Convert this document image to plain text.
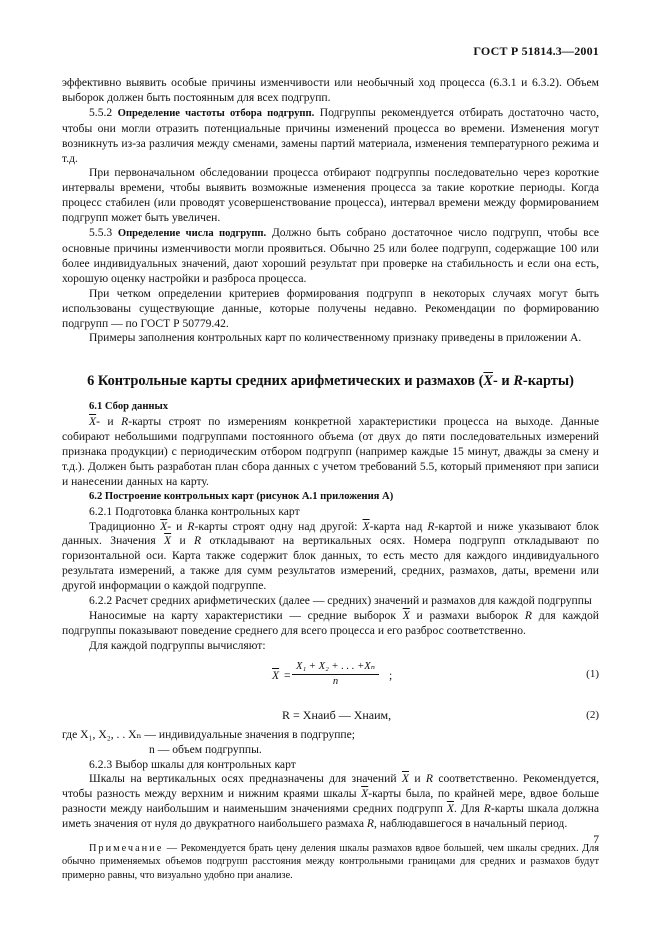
ГОСТ Р 51814.3—2001

эффективно выявить особые причины изменчивости или необычный ход процесса (6.3.1 и 6.3.2). Объем выборок должен быть постоянным для всех подгрупп.

5.5.2 Определение частоты отбора подгрупп. Подгруппы рекомендуется отбирать достаточно часто, чтобы они могли отразить потенциальные причины изменений процесса во времени. Изменения могут возникнуть из-за различия между сменами, замены партий материала, изменения температурного режима и т.д.

При первоначальном обследовании процесса отбирают подгруппы последовательно через короткие интервалы времени, чтобы выявить возможные изменения процесса за такие короткие периоды. Когда процесс стабилен (или проводят усовершенствование процесса), интервал времени между формированием подгрупп может быть увеличен.

5.5.3 Определение числа подгрупп. Должно быть собрано достаточное число подгрупп, чтобы все основные причины изменчивости могли проявиться. Обычно 25 или более подгрупп, содержащие 100 или более индивидуальных значений, дают хороший результат при проверке на стабильность и если она есть, хорошую оценку настройки и разброса процесса.

При четком определении критериев формирования подгрупп в некоторых случаях могут быть использованы существующие данные, которые получены недавно. Рекомендации по формированию подгрупп — по ГОСТ Р 50779.42.

Примеры заполнения контрольных карт по количественному признаку приведены в приложении А.

6 Контрольные карты средних арифметических и размахов ($\overline{X}-$ и R-карты)

6.1 Сбор данных

$\overline{X}-$ и R-карты строят по измерениям конкретной характеристики процесса на выходе. Данные собирают небольшими подгруппами постоянного объема (от двух до пяти последовательных измерений признака продукции) с периодическим отбором подгрупп (например каждые 15 минут, дважды за смену и т.д.). Должен быть разработан план сбора данных с учетом требований 5.5, который применяют при записи и нанесении данных на карту.

6.2 Построение контрольных карт (рисунок А.1 приложения А)

6.2.1 Подготовка бланка контрольных карт

Традиционно $\overline{X}-$ и R-карты строят одну над другой: $\overline{X}$-карта над R-картой и ниже указывают блок данных. Значения $\overline{X}$ и R откладывают на вертикальных осях. Номера подгрупп откладывают по горизонтальной оси. Карта также содержит блок данных, то есть место для каждого индивидуального результата измерений, а также для сумм результатов измерений, средних, размахов, даты, времени или другой информации о каждой подгруппе.

6.2.2 Расчет средних арифметических (далее — средних) значений и размахов для каждой подгруппы

Наносимые на карту характеристики — средние выборок $\overline{X}$ и размахи выборок R для каждой подгруппы показывают поведение среднего для всего процесса и его разброс соответственно.

Для каждой подгруппы вычисляют:

$\overline{X} = \frac{\text{X₁ + X₂ + . . . +Xₙ}}{n}$ ;	(1)
R = Xнаиб — Xнаим,	(2)

где X₁, X₂, . . Xₙ — индивидуальные значения в подгруппе;

n — объем подгруппы.

6.2.3 Выбор шкалы для контрольных карт

Шкалы на вертикальных осях предназначены для значений $\overline{X}$ и R соответственно. Рекомендуется, чтобы разность между верхним и нижним краями шкалы $\overline{X}$-карты была, по крайней мере, вдвое больше разности между наибольшим и наименьшим значениями средних подгрупп $\overline{X}$. Для R-карты шкала должна иметь значения от нуля до двукратного наибольшего размаха R, наблюдавшегося в начальный период.

Примечание — Рекомендуется брать цену деления шкалы размахов вдвое большей, чем шкалы средних. Для обычно применяемых объемов подгрупп расстояния между контрольными границами для средних и размахов будут примерно равны, что визуально удобно при анализе.

7
